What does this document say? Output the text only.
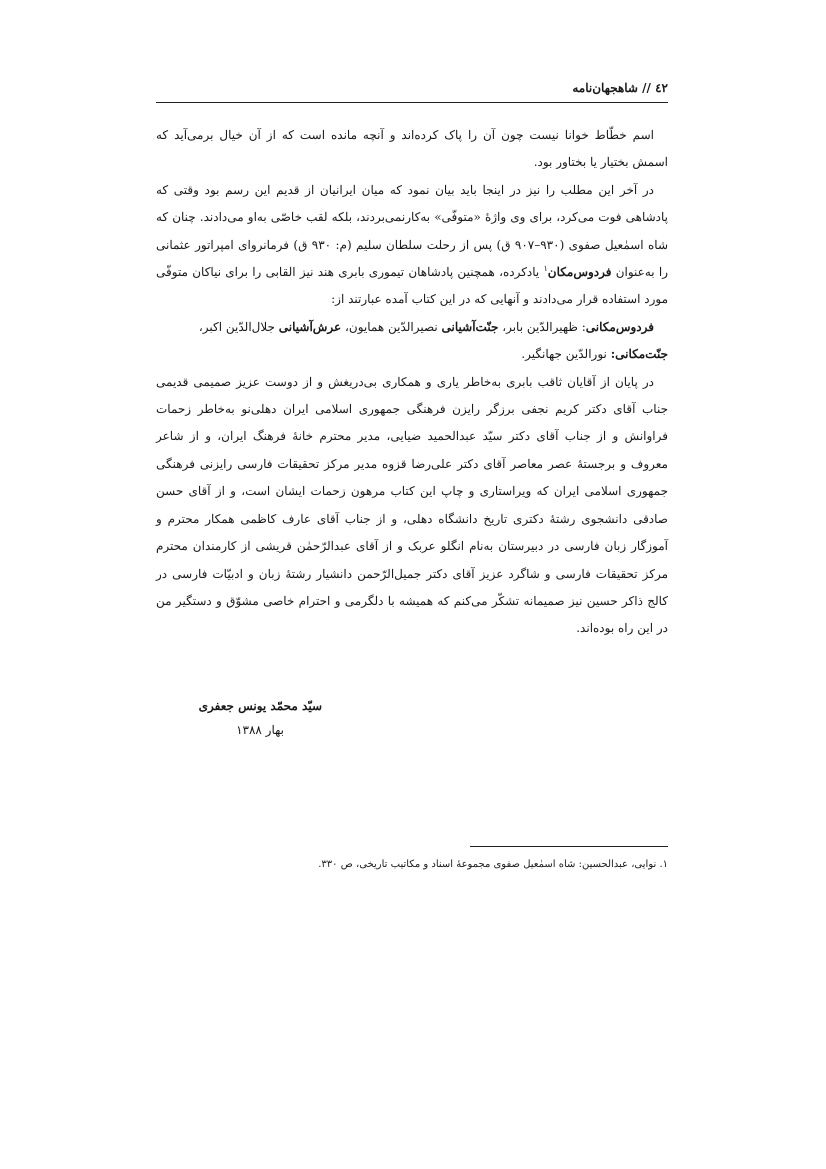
٤٢ // شاهجهان‌نامه

اسم خطّاط خوانا نیست چون آن را پاک کرده‌اند و آنچه مانده است که از آن خیال برمی‌آید که اسمش بختیار یا بختاور بود.

در آخر این مطلب را نیز در اینجا باید بیان نمود که میان ایرانیان از قدیم این رسم بود وقتی که پادشاهی فوت می‌کرد، برای وی واژهٔ «متوفّی» به‌کارنمی‌بردند، بلکه لقب خاصّی به‌او می‌دادند. چنان که شاه اسمٰعیل صفوی (۹۳۰–۹۰۷ ق) پس از رحلت سلطان سلیم (م: ۹۳۰ ق) فرمانروای امپراتور عثمانی را به‌عنوان فردوس‌مکان$^۱$ یادکرده، همچنین پادشاهان تیموری بابری هند نیز القابی را برای نیاکان متوفّی مورد استفاده قرار می‌دادند و آنهایی که در این کتاب آمده عبارتند از:

فردوس‌مکانی: ظهیرالدّین بابر، جنّت‌آشیانی نصیرالدّین همایون، عرش‌آشیانی جلال‌الدّین اکبر،
جنّت‌مکانی: نورالدّین جهانگیر.

در پایان از آقایان ثاقب بابری به‌خاطر یاری و همکاری بی‌دریغش و از دوست عزیز صمیمی قدیمی جناب آقای دکتر کریم نجفی برزگر رایزن فرهنگی جمهوری اسلامی ایران دهلی‌نو به‌خاطر زحمات فراوانش و از جناب آقای دکتر سیّد عبدالحمید ضیایی، مدیر محترم خانهٔ فرهنگ ایران، و از شاعر معروف و برجستهٔ عصر معاصر آقای دکتر علی‌رضا قزوه مدیر مرکز تحقیقات فارسی رایزنی فرهنگی جمهوری اسلامی ایران که ویراستاری و چاپ این کتاب مرهون زحمات ایشان است، و از آقای حسن صادقی دانشجوی رشتهٔ دکتری تاریخ دانشگاه دهلی، و از جناب آقای عارف کاظمی همکار محترم و آموزگار زبان فارسی در دبیرستان به‌نام انگلو عربک و از آقای عبدالرّحمٰن قریشی از کارمندان محترم مرکز تحقیقات فارسی و شاگرد عزیز آقای دکتر جمیل‌الرّحمن دانشیار رشتهٔ زبان و ادبیّات فارسی در کالج ذاکر حسین نیز صمیمانه تشکّر می‌کنم که همیشه با دلگرمی و احترام خاصی مشوّق و دستگیر من در این راه بوده‌اند.

سیّد محمّد یونس جعفری
بهار ۱۳۸۸
۱. نوایی، عبدالحسین: شاه اسمٰعیل صفوی مجموعهٔ اسناد و مکاتیب تاریخی، ص ۳۳۰.
